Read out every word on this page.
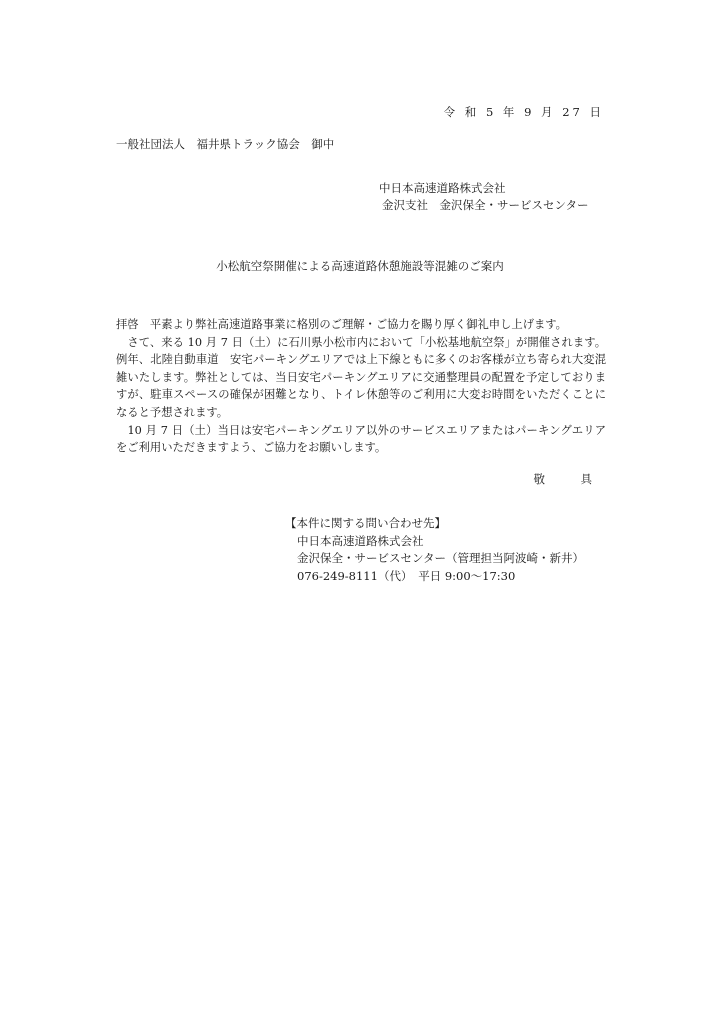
令 和 5 年 9 月 27 日
一般社団法人　福井県トラック協会　御中
中日本高速道路株式会社
金沢支社　金沢保全・サービスセンター
小松航空祭開催による高速道路休憩施設等混雑のご案内

拝啓　平素より弊社高速道路事業に格別のご理解・ご協力を賜り厚く御礼申し上げます。

　さて、来る 10 月 7 日（土）に石川県小松市内において「小松基地航空祭」が開催されます。例年、北陸自動車道　安宅パーキングエリアでは上下線ともに多くのお客様が立ち寄られ大変混雑いたします。弊社としては、当日安宅パーキングエリアに交通整理員の配置を予定しておりますが、駐車スペースの確保が困難となり、トイレ休憩等のご利用に大変お時間をいただくことになると予想されます。

　10 月 7 日（土）当日は安宅パーキングエリア以外のサービスエリアまたはパーキングエリアをご利用いただきますよう、ご協力をお願いします。

敬　具
【本件に関する問い合わせ先】
中日本高速道路株式会社
金沢保全・サービスセンター（管理担当阿波崎・新井）
076-249-8111（代）　平日 9:00～17:30
